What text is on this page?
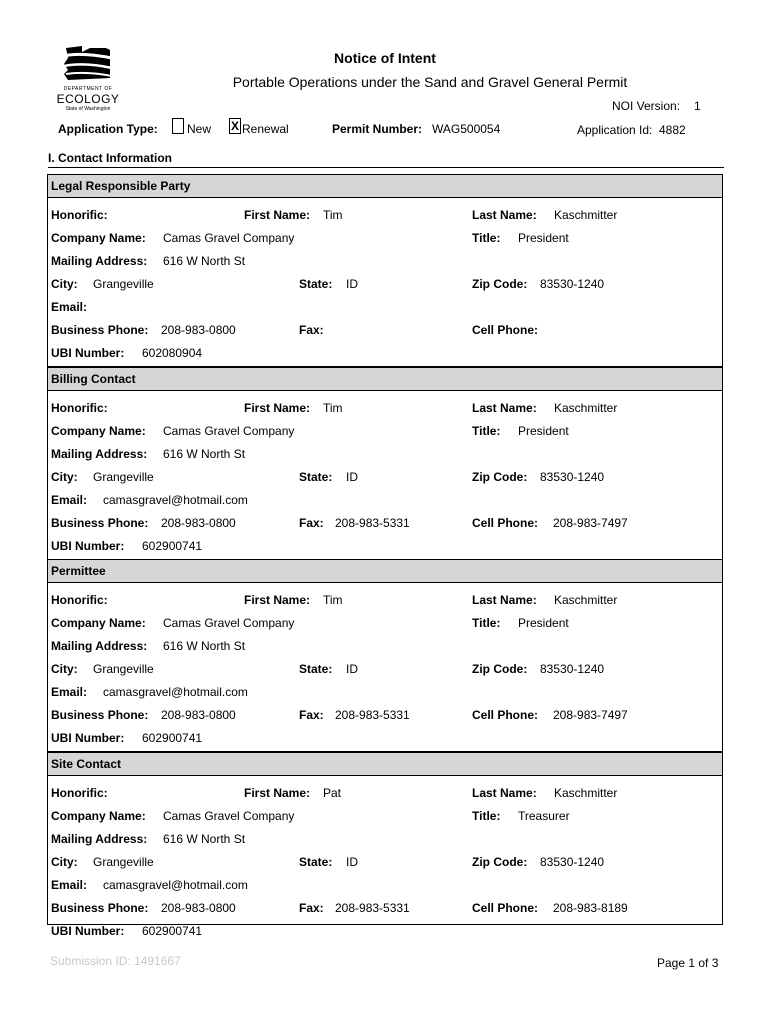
DEPARTMENT OF
ECOLOGY
State of Washington
Notice of Intent
Portable Operations under the Sand and Gravel General Permit
NOI Version: 1
Application Type: New X Renewal	Permit Number: WAG500054	Application Id: 4882
I. Contact Information
Legal Responsible Party
Honorific:	First Name: Tim	Last Name: Kaschmitter
Company Name: Camas Gravel Company	Title: President
Mailing Address: 616 W North St
City: Grangeville	State: ID	Zip Code: 83530-1240
Email:
Business Phone: 208-983-0800	Fax:	Cell Phone:
UBI Number: 602080904
Billing Contact
Honorific:	First Name: Tim	Last Name: Kaschmitter
Company Name: Camas Gravel Company	Title: President
Mailing Address: 616 W North St
City: Grangeville	State: ID	Zip Code: 83530-1240
Email: camasgravel@hotmail.com
Business Phone: 208-983-0800	Fax: 208-983-5331	Cell Phone: 208-983-7497
UBI Number: 602900741
Permittee
Honorific:	First Name: Tim	Last Name: Kaschmitter
Company Name: Camas Gravel Company	Title: President
Mailing Address: 616 W North St
City: Grangeville	State: ID	Zip Code: 83530-1240
Email: camasgravel@hotmail.com
Business Phone: 208-983-0800	Fax: 208-983-5331	Cell Phone: 208-983-7497
UBI Number: 602900741
Site Contact
Honorific:	First Name: Pat	Last Name: Kaschmitter
Company Name: Camas Gravel Company	Title: Treasurer
Mailing Address: 616 W North St
City: Grangeville	State: ID	Zip Code: 83530-1240
Email: camasgravel@hotmail.com
Business Phone: 208-983-0800	Fax: 208-983-5331	Cell Phone: 208-983-8189
UBI Number: 602900741
Submission ID: 1491667	Page 1 of 3
